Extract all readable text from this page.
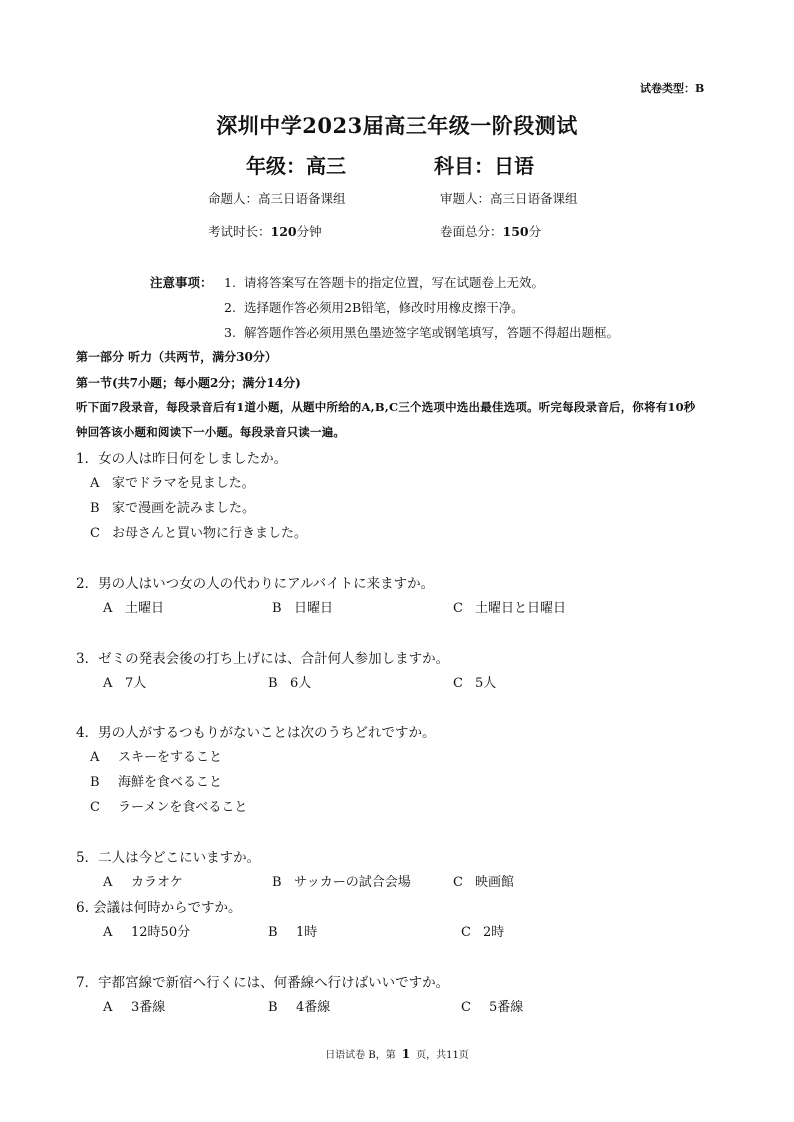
试卷类型：B
深圳中学2023届高三年级一阶段测试
年级：高三	科目：日语
命题人：高三日语备课组	审题人：高三日语备课组
考试时长：120分钟	卷面总分：150分
注意事项： 1. 请将答案写在答题卡的指定位置，写在试题卷上无效。
2. 选择题作答必须用2B铅笔，修改时用橡皮擦干净。
3. 解答题作答必须用黑色墨迹签字笔或钢笔填写，答题不得超出题框。
第一部分 听力（共两节，满分30分）
第一节(共7小题；每小题2分；满分14分)
听下面7段录音，每段录音后有1道小题，从题中所给的A,B,C三个选项中选出最佳选项。听完每段录音后，你将有10秒
钟回答该小题和阅读下一小题。每段录音只读一遍。
1．女の人は昨日何をしましたか。
A 家でドラマを見ました。
B 家で漫画を読みました。
C お母さんと買い物に行きました。
2．男の人はいつ女の人の代わりにアルバイトに来ますか。
A 土曜日	B 日曜日	C 土曜日と日曜日
3．ゼミの発表会後の打ち上げには、合計何人参加しますか。
A 7人	B 6人	C 5人
4．男の人がするつもりがないことは次のうちどれですか。
A スキーをすること
B 海鮮を食べること
C ラーメンを食べること
5．二人は今どこにいますか。
A カラオケ	B サッカーの試合会場	C 映画館
6. 会議は何時からですか。
A 12時50分	B 1時	C 2時
7．宇都宮線で新宿へ行くには、何番線へ行けばいいですか。
A 3番線	B 4番線	C 5番線
日语试卷 B，第 1 页，共11页
